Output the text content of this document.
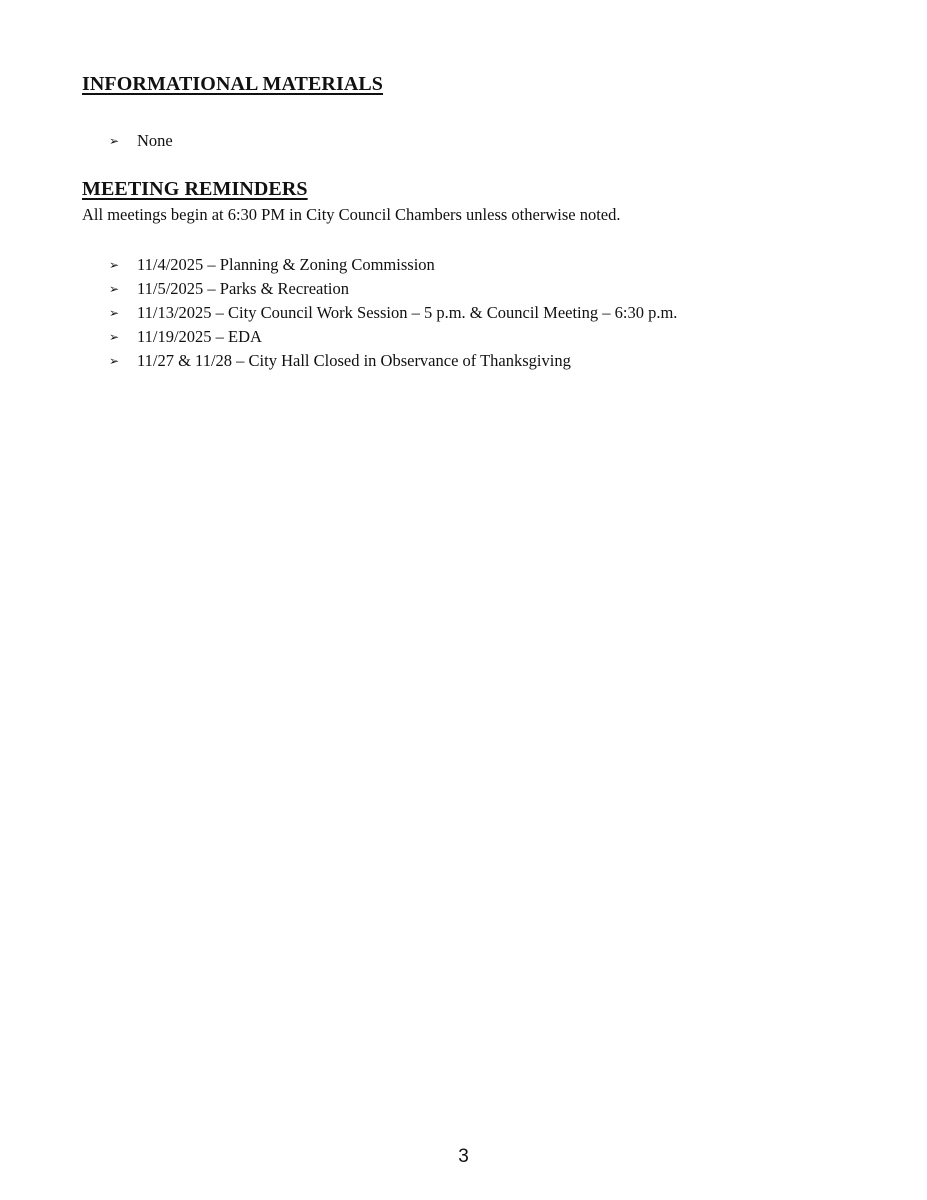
INFORMATIONAL MATERIALS
➢	None
MEETING REMINDERS

All meetings begin at 6:30 PM in City Council Chambers unless otherwise noted.

➢	11/4/2025 – Planning & Zoning Commission
➢	11/5/2025 – Parks & Recreation
➢	11/13/2025 – City Council Work Session – 5 p.m. & Council Meeting – 6:30 p.m.
➢	11/19/2025 – EDA
➢	11/27 & 11/28 – City Hall Closed in Observance of Thanksgiving
3
